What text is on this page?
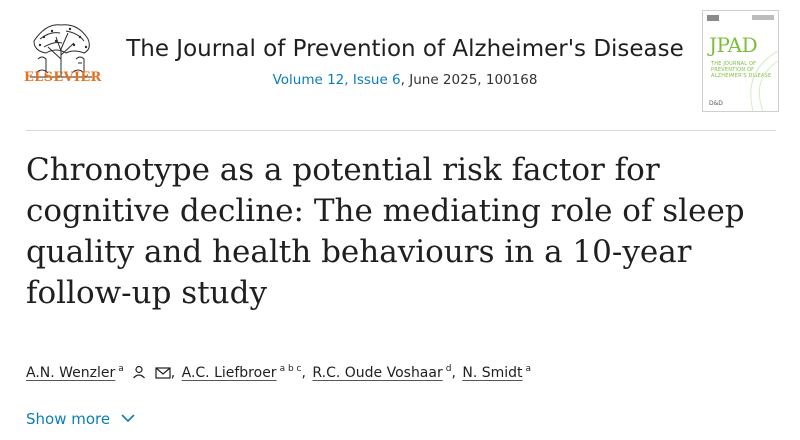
ELSEVIER
The Journal of Prevention of Alzheimer's Disease
Volume 12, Issue 6, June 2025, 100168
JPAD
THE JOURNAL OF PREVENTION OF ALZHEIMER'S DISEASE
D&D
Chronotype as a potential risk factor for cognitive decline: The mediating role of sleep quality and health behaviours in a 10-year follow-up study
A.N. Wenzler $^a$	, A.C. Liefbroer $^{a b c}$, R.C. Oude Voshaar $^d$, N. Smidt $^a$
Show more
